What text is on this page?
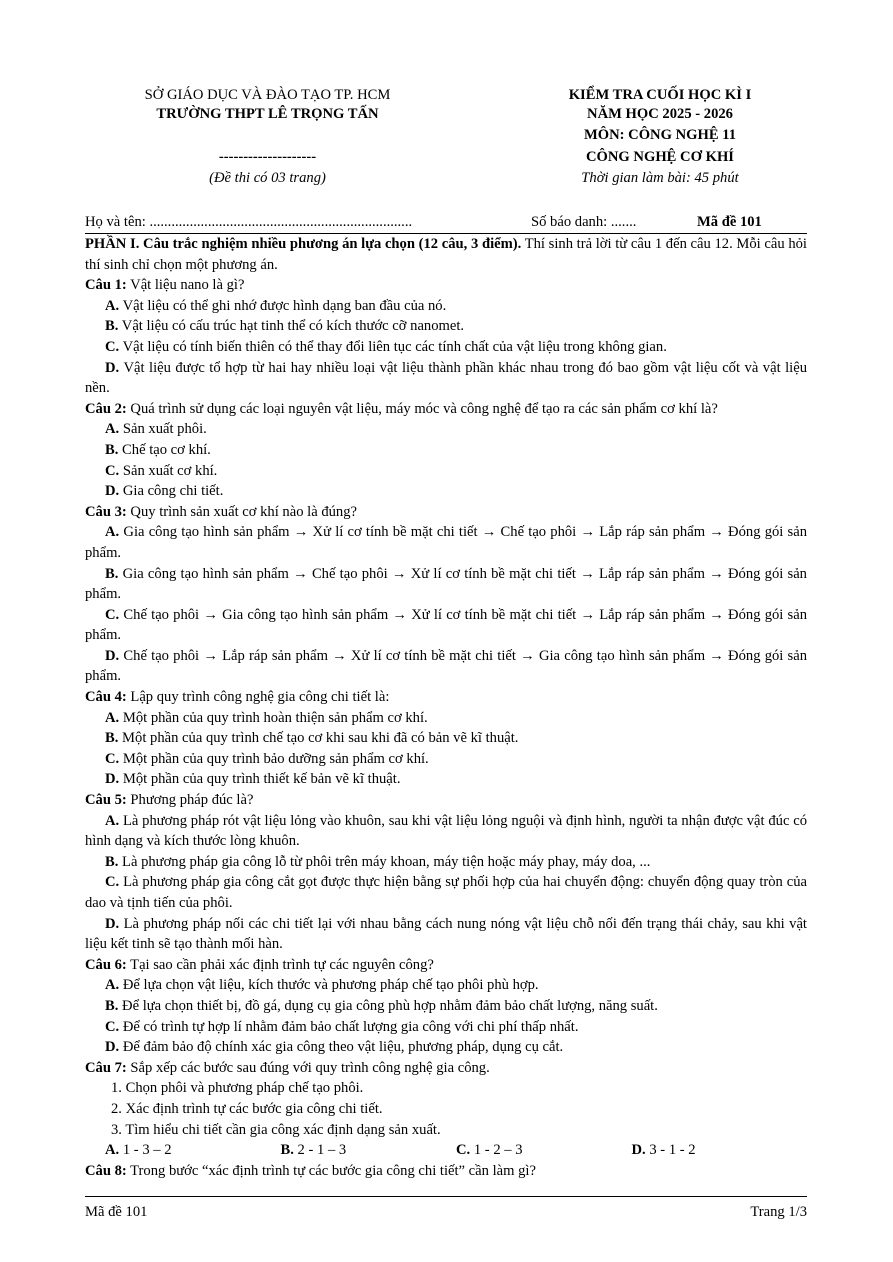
SỞ GIÁO DỤC VÀ ĐÀO TẠO TP. HCM
TRƯỜNG THPT LÊ TRỌNG TẤN
--------------------
(Đề thi có 03 trang)
KIỂM TRA CUỐI HỌC KÌ I
NĂM HỌC 2025 - 2026
MÔN: CÔNG NGHỆ 11
CÔNG NGHỆ CƠ KHÍ
Thời gian làm bài: 45 phút
Họ và tên: ........................................................................	Số báo danh: .......	Mã đề 101

PHẦN I. Câu trắc nghiệm nhiều phương án lựa chọn (12 câu, 3 điểm). Thí sinh trả lời từ câu 1 đến câu 12. Mỗi câu hỏi thí sinh chỉ chọn một phương án.

Câu 1: Vật liệu nano là gì?

A. Vật liệu có thể ghi nhớ được hình dạng ban đầu của nó.

B. Vật liệu có cấu trúc hạt tinh thể có kích thước cỡ nanomet.

C. Vật liệu có tính biến thiên có thể thay đổi liên tục các tính chất của vật liệu trong không gian.

D. Vật liệu được tổ hợp từ hai hay nhiều loại vật liệu thành phần khác nhau trong đó bao gồm vật liệu cốt và vật liệu nền.

Câu 2: Quá trình sử dụng các loại nguyên vật liệu, máy móc và công nghệ để tạo ra các sản phẩm cơ khí là?

A. Sản xuất phôi.
B. Chế tạo cơ khí.
C. Sản xuất cơ khí.
D. Gia công chi tiết.

Câu 3: Quy trình sản xuất cơ khí nào là đúng?

A. Gia công tạo hình sản phẩm → Xử lí cơ tính bề mặt chi tiết → Chế tạo phôi → Lắp ráp sản phẩm → Đóng gói sản phẩm.

B. Gia công tạo hình sản phẩm → Chế tạo phôi → Xử lí cơ tính bề mặt chi tiết → Lắp ráp sản phẩm → Đóng gói sản phẩm.

C. Chế tạo phôi → Gia công tạo hình sản phẩm → Xử lí cơ tính bề mặt chi tiết → Lắp ráp sản phẩm → Đóng gói sản phẩm.

D. Chế tạo phôi → Lắp ráp sản phẩm → Xử lí cơ tính bề mặt chi tiết → Gia công tạo hình sản phẩm → Đóng gói sản phẩm.

Câu 4: Lập quy trình công nghệ gia công chi tiết là:

A. Một phần của quy trình hoàn thiện sản phẩm cơ khí.

B. Một phần của quy trình chế tạo cơ khi sau khi đã có bản vẽ kĩ thuật.

C. Một phần của quy trình bảo dưỡng sản phẩm cơ khí.

D. Một phần của quy trình thiết kế bản vẽ kĩ thuật.

Câu 5: Phương pháp đúc là?

A. Là phương pháp rót vật liệu lỏng vào khuôn, sau khi vật liệu lỏng nguội và định hình, người ta nhận được vật đúc có hình dạng và kích thước lòng khuôn.

B. Là phương pháp gia công lỗ từ phôi trên máy khoan, máy tiện hoặc máy phay, máy doa, ...

C. Là phương pháp gia công cắt gọt được thực hiện bằng sự phối hợp của hai chuyển động: chuyển động quay tròn của dao và tịnh tiến của phôi.

D. Là phương pháp nối các chi tiết lại với nhau bằng cách nung nóng vật liệu chỗ nối đến trạng thái chảy, sau khi vật liệu kết tinh sẽ tạo thành mối hàn.

Câu 6: Tại sao cần phải xác định trình tự các nguyên công?

A. Để lựa chọn vật liệu, kích thước và phương pháp chế tạo phôi phù hợp.

B. Để lựa chọn thiết bị, đồ gá, dụng cụ gia công phù hợp nhằm đảm bảo chất lượng, năng suất.

C. Để có trình tự hợp lí nhằm đảm bảo chất lượng gia công với chi phí thấp nhất.

D. Để đảm bảo độ chính xác gia công theo vật liệu, phương pháp, dụng cụ cắt.

Câu 7: Sắp xếp các bước sau đúng với quy trình công nghệ gia công.

1. Chọn phôi và phương pháp chế tạo phôi.

2. Xác định trình tự các bước gia công chi tiết.

3. Tìm hiểu chi tiết cần gia công xác định dạng sản xuất.

A. 1 - 3 – 2	B. 2 - 1 – 3	C. 1 - 2 – 3	D. 3 - 1 - 2

Câu 8: Trong bước “xác định trình tự các bước gia công chi tiết” cần làm gì?

Mã đề 101	Trang 1/3
